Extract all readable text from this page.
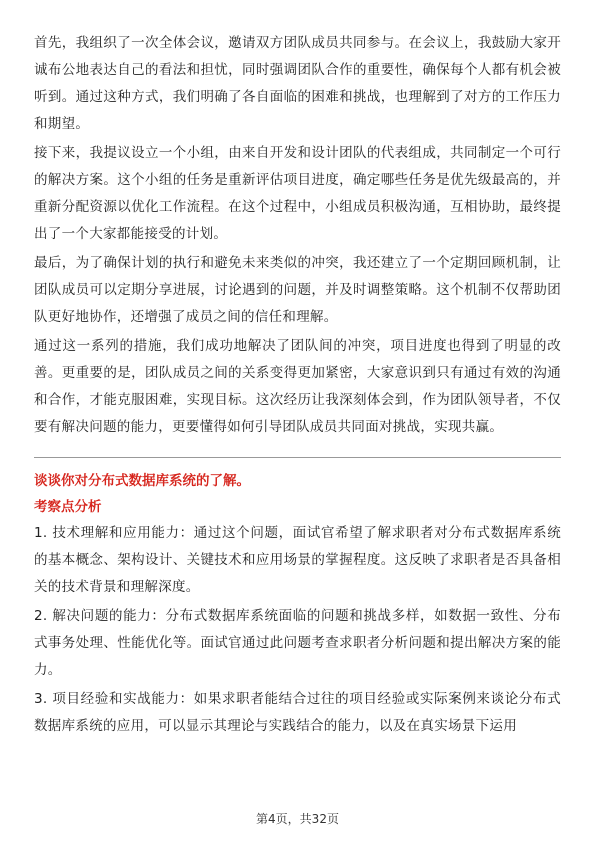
首先，我组织了一次全体会议，邀请双方团队成员共同参与。在会议上，我鼓励大家开诚布公地表达自己的看法和担忧，同时强调团队合作的重要性，确保每个人都有机会被听到。通过这种方式，我们明确了各自面临的困难和挑战，也理解到了对方的工作压力和期望。

接下来，我提议设立一个小组，由来自开发和设计团队的代表组成，共同制定一个可行的解决方案。这个小组的任务是重新评估项目进度，确定哪些任务是优先级最高的，并重新分配资源以优化工作流程。在这个过程中，小组成员积极沟通，互相协助，最终提出了一个大家都能接受的计划。

最后，为了确保计划的执行和避免未来类似的冲突，我还建立了一个定期回顾机制，让团队成员可以定期分享进展，讨论遇到的问题，并及时调整策略。这个机制不仅帮助团队更好地协作，还增强了成员之间的信任和理解。

通过这一系列的措施，我们成功地解决了团队间的冲突，项目进度也得到了明显的改善。更重要的是，团队成员之间的关系变得更加紧密，大家意识到只有通过有效的沟通和合作，才能克服困难，实现目标。这次经历让我深刻体会到，作为团队领导者，不仅要有解决问题的能力，更要懂得如何引导团队成员共同面对挑战，实现共赢。

谈谈你对分布式数据库系统的了解。

考察点分析

1. 技术理解和应用能力：通过这个问题，面试官希望了解求职者对分布式数据库系统的基本概念、架构设计、关键技术和应用场景的掌握程度。这反映了求职者是否具备相关的技术背景和理解深度。

2. 解决问题的能力：分布式数据库系统面临的问题和挑战多样，如数据一致性、分布式事务处理、性能优化等。面试官通过此问题考查求职者分析问题和提出解决方案的能力。

3. 项目经验和实战能力：如果求职者能结合过往的项目经验或实际案例来谈论分布式数据库系统的应用，可以显示其理论与实践结合的能力，以及在真实场景下运用

第4页，共32页
